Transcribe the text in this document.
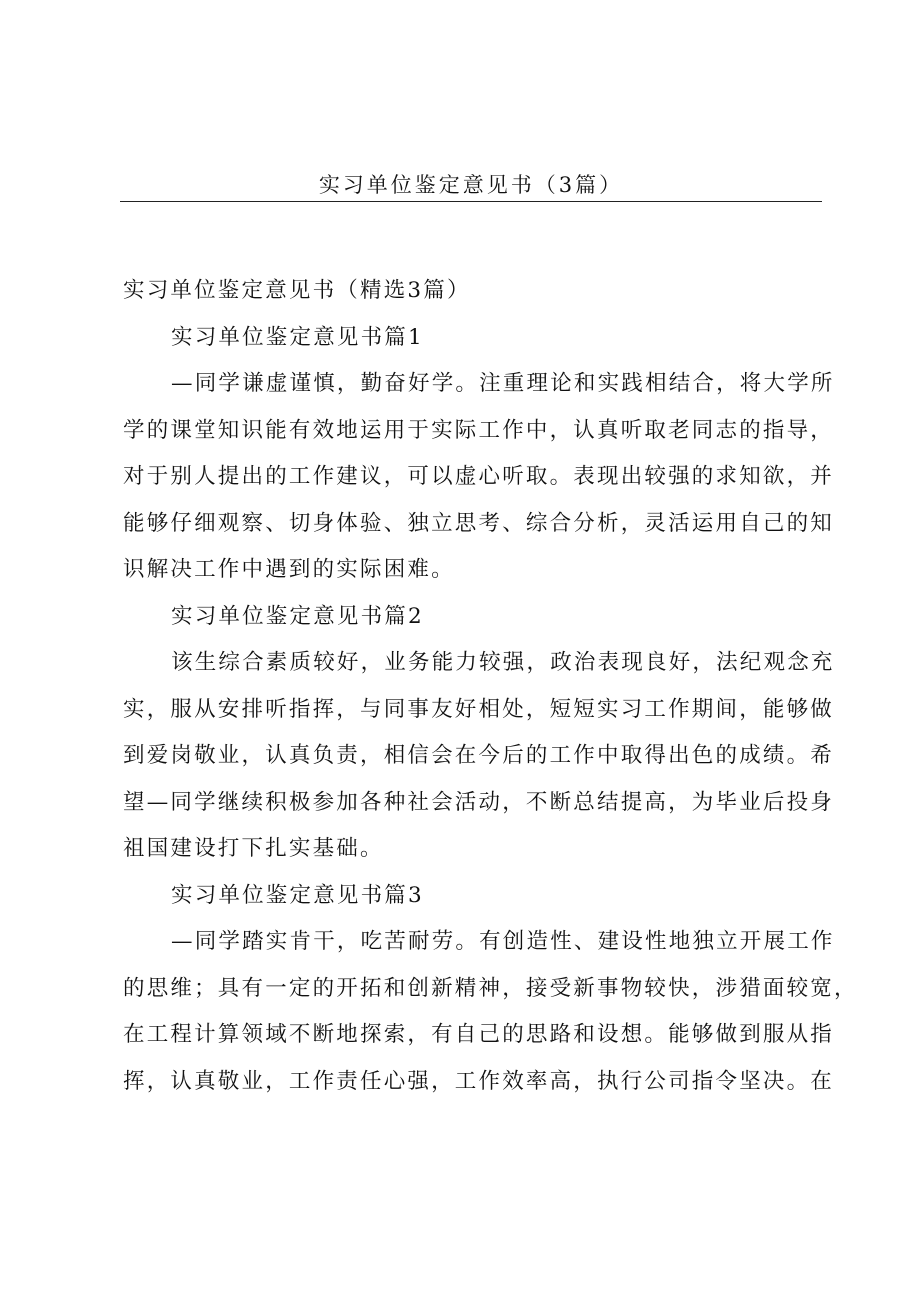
实习单位鉴定意见书（3篇）
实习单位鉴定意见书（精选3篇）
实习单位鉴定意见书篇1
—同学谦虚谨慎，勤奋好学。注重理论和实践相结合，将大学所
学的课堂知识能有效地运用于实际工作中，认真听取老同志的指导，
对于别人提出的工作建议，可以虚心听取。表现出较强的求知欲，并
能够仔细观察、切身体验、独立思考、综合分析，灵活运用自己的知
识解决工作中遇到的实际困难。
实习单位鉴定意见书篇2
该生综合素质较好，业务能力较强，政治表现良好，法纪观念充
实，服从安排听指挥，与同事友好相处，短短实习工作期间，能够做
到爱岗敬业，认真负责，相信会在今后的工作中取得出色的成绩。希
望—同学继续积极参加各种社会活动，不断总结提高，为毕业后投身
祖国建设打下扎实基础。
实习单位鉴定意见书篇3
—同学踏实肯干，吃苦耐劳。有创造性、建设性地独立开展工作
的思维；具有一定的开拓和创新精神，接受新事物较快，涉猎面较宽，
在工程计算领域不断地探索，有自己的思路和设想。能够做到服从指
挥，认真敬业，工作责任心强，工作效率高，执行公司指令坚决。在
